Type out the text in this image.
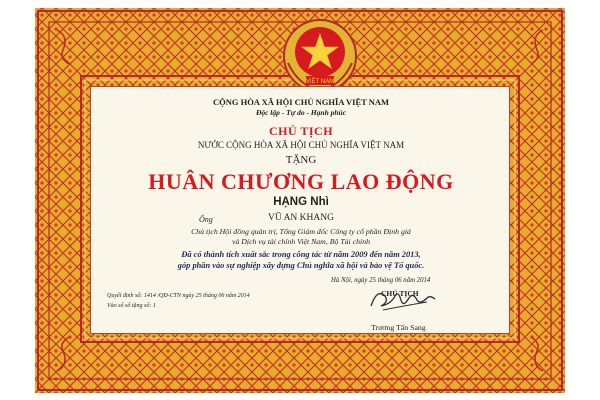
VIỆT NAM
CỘNG HÒA XÃ HỘI CHỦ NGHĨA VIỆT NAM
Độc lập - Tự do - Hạnh phúc
CHỦ TỊCH
NƯỚC CỘNG HÒA XÃ HỘI CHỦ NGHĨA VIỆT NAM
TẶNG
HUÂN CHƯƠNG LAO ĐỘNG
HẠNG Nhì
Ông	VŨ AN KHANG
Chủ tịch Hội đồng quản trị, Tổng Giám đốc Công ty cổ phần Định giá
và Dịch vụ tài chính Việt Nam, Bộ Tài chính
Đã có thành tích xuất sắc trong công tác từ năm 2009 đến năm 2013,
góp phần vào sự nghiệp xây dựng Chủ nghĩa xã hội và bảo vệ Tổ quốc.
Hà Nội, ngày 25 tháng 06 năm 2014
CHỦ TỊCH
Quyết định số: 1414 /QĐ-CTN ngày 25 tháng 06 năm 2014
Vào sổ số tặng số: 1
Trương Tấn Sang
